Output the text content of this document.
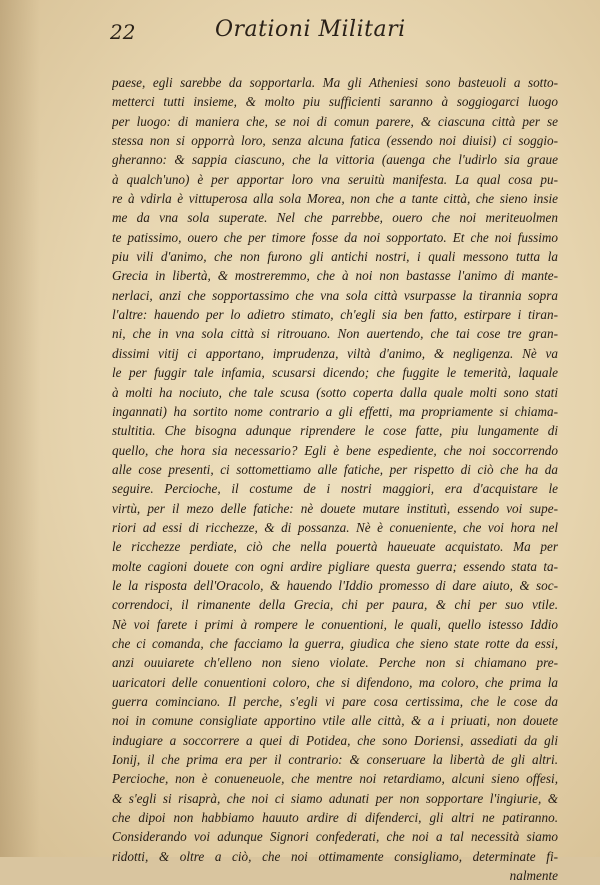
22	Orationi Militari

paese, egli sarebbe da sopportarla. Ma gli Atheniesi sono basteuoli a sotto-
metterci tutti insieme, & molto piu sufficienti saranno à soggiogarci luogo
per luogo: di maniera che, se noi di comun parere, & ciascuna città per se
stessa non si opporrà loro, senza alcuna fatica (essendo noi diuisi) ci soggio-
gheranno: & sappia ciascuno, che la vittoria (auenga che l'udirlo sia graue
à qualch'uno) è per apportar loro vna seruitù manifesta. La qual cosa pu-
re à vdirla è vittuperosa alla sola Morea, non che a tante città, che sieno insie
me da vna sola superate. Nel che parrebbe, ouero che noi meriteuolmen
te patissimo, ouero che per timore fosse da noi sopportato. Et che noi fussimo
piu vili d'animo, che non furono gli antichi nostri, i quali messono tutta la
Grecia in libertà, & mostreremmo, che à noi non bastasse l'animo di mante-
nerlaci, anzi che sopportassimo che vna sola città vsurpasse la tirannia sopra
l'altre: hauendo per lo adietro stimato, ch'egli sia ben fatto, estirpare i tiran-
ni, che in vna sola città si ritrouano. Non auertendo, che tai cose tre gran-
dissimi vitij ci apportano, imprudenza, viltà d'animo, & negligenza. Nè va
le per fuggir tale infamia, scusarsi dicendo; che fuggite le temerità, laquale
à molti ha nociuto, che tale scusa (sotto coperta dalla quale molti sono stati
ingannati) ha sortito nome contrario a gli effetti, ma propriamente si chiama-
stultitia. Che bisogna adunque riprendere le cose fatte, piu lungamente di
quello, che hora sia necessario? Egli è bene espediente, che noi soccorrendo
alle cose presenti, ci sottomettiamo alle fatiche, per rispetto di ciò che ha da
seguire. Percioche, il costume de i nostri maggiori, era d'acquistare le
virtù, per il mezo delle fatiche: nè douete mutare institutì, essendo voi supe-
riori ad essi di ricchezze, & di possanza. Nè è conueniente, che voi hora nel
le ricchezze perdiate, ciò che nella pouertà haueuate acquistato. Ma per
molte cagioni douete con ogni ardire pigliare questa guerra; essendo stata ta-
le la risposta dell'Oracolo, & hauendo l'Iddio promesso di dare aiuto, & soc-
correndoci, il rimanente della Grecia, chi per paura, & chi per suo vtile.
Nè voi farete i primi à rompere le conuentioni, le quali, quello istesso Iddio
che ci comanda, che facciamo la guerra, giudica che sieno state rotte da essi,
anzi ouuiarete ch'elleno non sieno violate. Perche non si chiamano pre-
uaricatori delle conuentioni coloro, che si difendono, ma coloro, che prima la
guerra cominciano. Il perche, s'egli vi pare cosa certissima, che le cose da
noi in comune consigliate apportino vtile alle città, & a i priuati, non douete
indugiare a soccorrere a quei di Potidea, che sono Doriensi, assediati da gli
Ionij, il che prima era per il contrario: & conseruare la libertà de gli altri.
Percioche, non è conueneuole, che mentre noi retardiamo, alcuni sieno offesi,
& s'egli si risaprà, che noi ci siamo adunati per non sopportare l'ingiurie, &
che dipoi non habbiamo hauuto ardire di difenderci, gli altri ne patiranno.
Considerando voi adunque Signori confederati, che noi a tal necessità siamo
ridotti, & oltre a ciò, che noi ottimamente consigliamo, determinate fi-
nalmente
